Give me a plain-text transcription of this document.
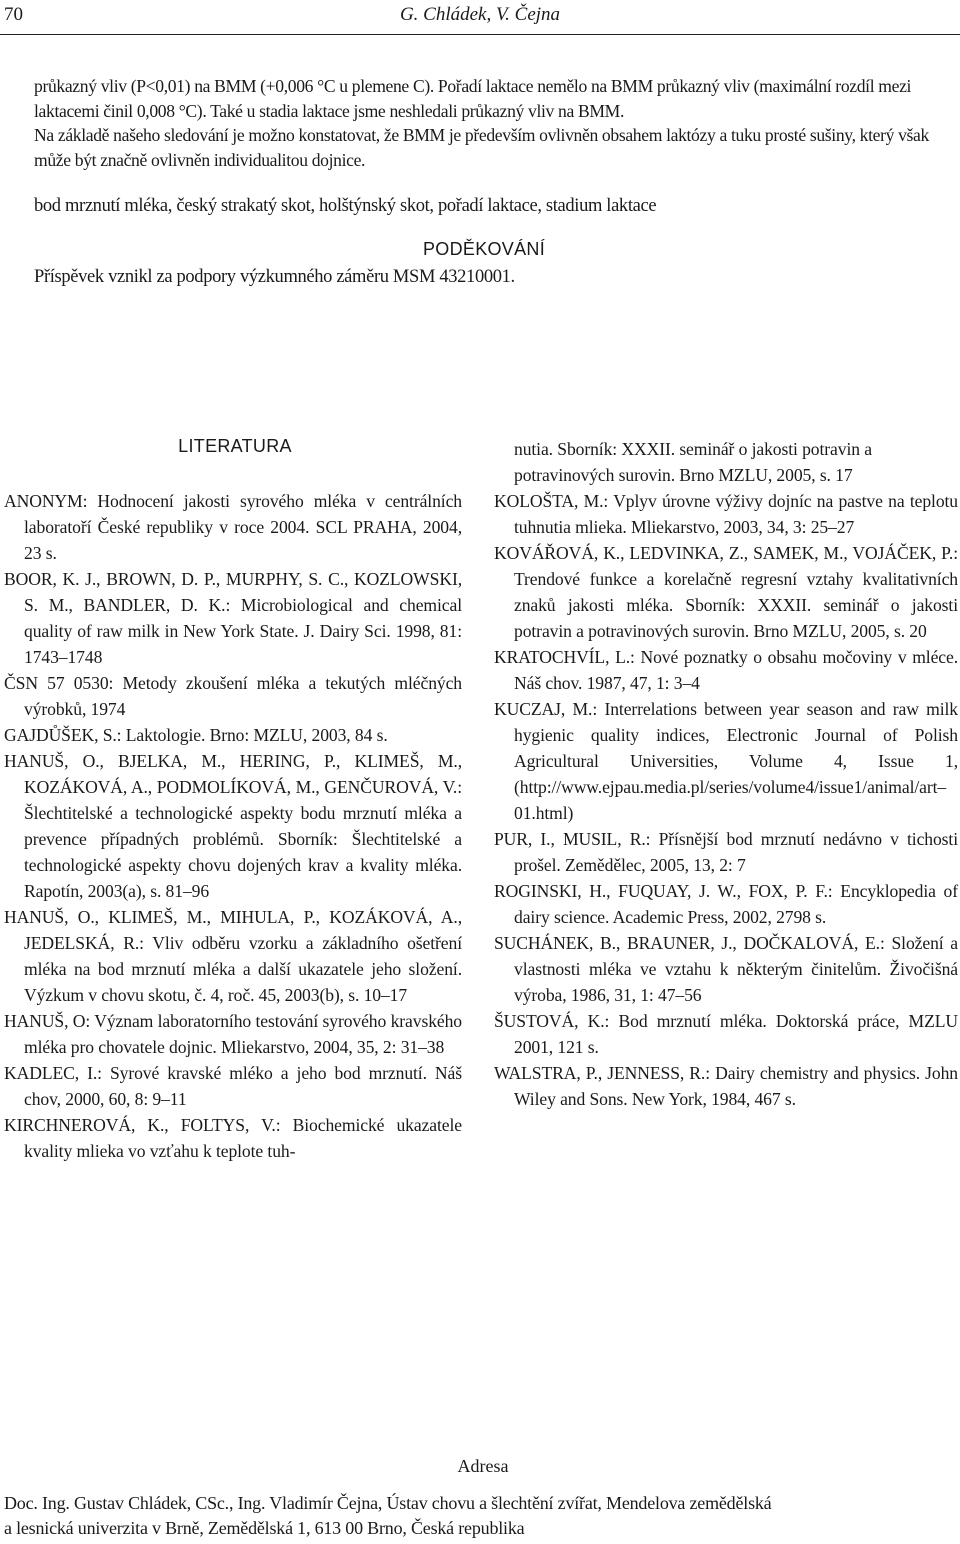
70	G. Chládek, V. Čejna

průkazný vliv (P<0,01) na BMM (+0,006 °C u plemene C). Pořadí laktace nemělo na BMM průkazný vliv (maximální rozdíl mezi laktacemi činil 0,008 °C). Také u stadia laktace jsme neshledali průkazný vliv na BMM.

Na základě našeho sledování je možno konstatovat, že BMM je především ovlivněn obsahem laktózy a tuku prosté sušiny, který však může být značně ovlivněn individualitou dojnice.

bod mrznutí mléka, český strakatý skot, holštýnský skot, pořadí laktace, stadium laktace

PODĚKOVÁNÍ

Příspěvek vznikl za podpory výzkumného záměru MSM 43210001.

LITERATURA

ANONYM: Hodnocení jakosti syrového mléka v centrálních laboratoří České republiky v roce 2004. SCL PRAHA, 2004, 23 s.

BOOR, K. J., BROWN, D. P., MURPHY, S. C., KOZLOWSKI, S. M., BANDLER, D. K.: Microbiological and chemical quality of raw milk in New York State. J. Dairy Sci. 1998, 81: 1743–1748

ČSN 57 0530: Metody zkoušení mléka a tekutých mléčných výrobků, 1974

GAJDŮŠEK, S.: Laktologie. Brno: MZLU, 2003, 84 s.

HANUŠ, O., BJELKA, M., HERING, P., KLIMEŠ, M., KOZÁKOVÁ, A., PODMOLÍKOVÁ, M., GENČUROVÁ, V.: Šlechtitelské a technologické aspekty bodu mrznutí mléka a prevence případných problémů. Sborník: Šlechtitelské a technologické aspekty chovu dojených krav a kvality mléka. Rapotín, 2003(a), s. 81–96

HANUŠ, O., KLIMEŠ, M., MIHULA, P., KOZÁKOVÁ, A., JEDELSKÁ, R.: Vliv odběru vzorku a základního ošetření mléka na bod mrznutí mléka a další ukazatele jeho složení. Výzkum v chovu skotu, č. 4, roč. 45, 2003(b), s. 10–17

HANUŠ, O: Význam laboratorního testování syrového kravského mléka pro chovatele dojnic. Mliekarstvo, 2004, 35, 2: 31–38

KADLEC, I.: Syrové kravské mléko a jeho bod mrznutí. Náš chov, 2000, 60, 8: 9–11

KIRCHNEROVÁ, K., FOLTYS, V.: Biochemické ukazatele kvality mlieka vo vzťahu k teplote tuh-

nutia. Sborník: XXXII. seminář o jakosti potravin a potravinových surovin. Brno MZLU, 2005, s. 17

KOLOŠTA, M.: Vplyv úrovne výživy dojníc na pastve na teplotu tuhnutia mlieka. Mliekarstvo, 2003, 34, 3: 25–27

KOVÁŘOVÁ, K., LEDVINKA, Z., SAMEK, M., VOJÁČEK, P.: Trendové funkce a korelačně regresní vztahy kvalitativních znaků jakosti mléka. Sborník: XXXII. seminář o jakosti potravin a potravinových surovin. Brno MZLU, 2005, s. 20

KRATOCHVÍL, L.: Nové poznatky o obsahu močoviny v mléce. Náš chov. 1987, 47, 1: 3–4

KUCZAJ, M.: Interrelations between year season and raw milk hygienic quality indices, Electronic Journal of Polish Agricultural Universities, Volume 4, Issue 1, (http://www.ejpau.media.pl/series/volume4/issue1/animal/art–01.html)

PUR, I., MUSIL, R.: Přísnější bod mrznutí nedávno v tichosti prošel. Zemědělec, 2005, 13, 2: 7

ROGINSKI, H., FUQUAY, J. W., FOX, P. F.: Encyklopedia of dairy science. Academic Press, 2002, 2798 s.

SUCHÁNEK, B., BRAUNER, J., DOČKALOVÁ, E.: Složení a vlastnosti mléka ve vztahu k některým činitelům. Živočišná výroba, 1986, 31, 1: 47–56

ŠUSTOVÁ, K.: Bod mrznutí mléka. Doktorská práce, MZLU 2001, 121 s.

WALSTRA, P., JENNESS, R.: Dairy chemistry and physics. John Wiley and Sons. New York, 1984, 467 s.

Adresa
Doc. Ing. Gustav Chládek, CSc., Ing. Vladimír Čejna, Ústav chovu a šlechtění zvířat, Mendelova zemědělská
a lesnická univerzita v Brně, Zemědělská 1, 613 00 Brno, Česká republika
